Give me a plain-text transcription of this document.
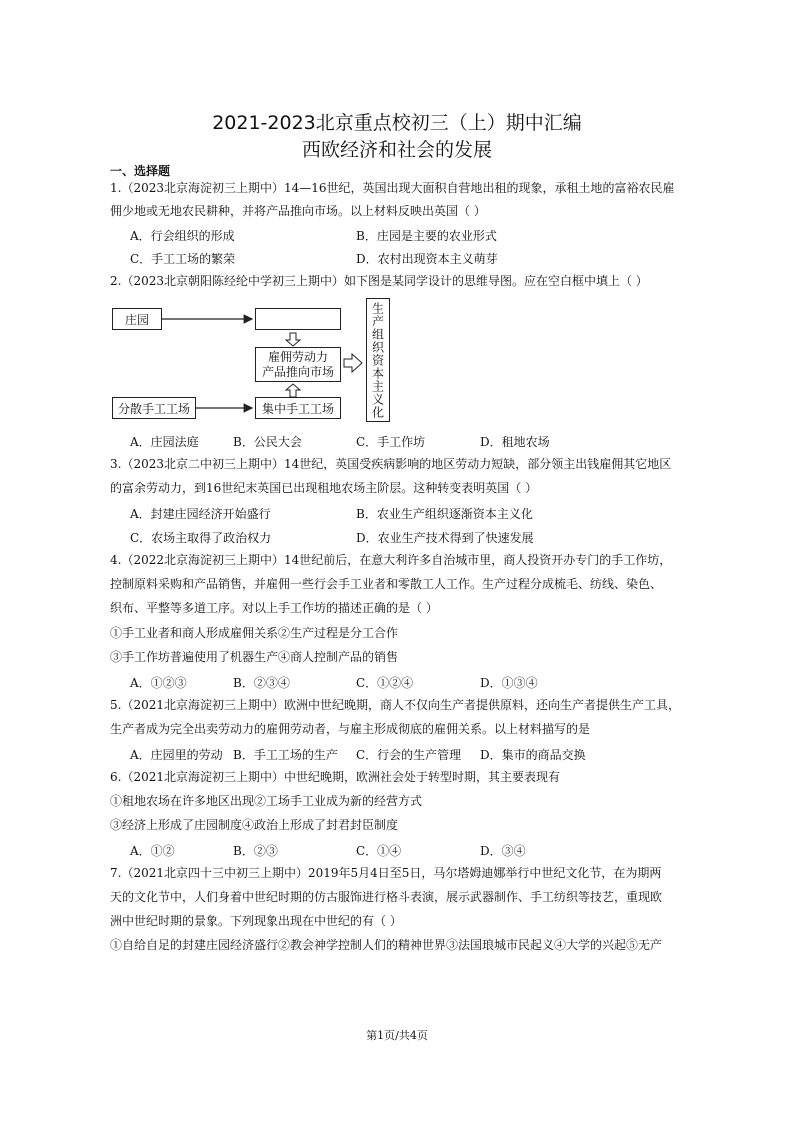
2021-2023北京重点校初三（上）期中汇编
西欧经济和社会的发展
一、选择题
1.（2023北京海淀初三上期中）14—16世纪，英国出现大面积自营地出租的现象，承租土地的富裕农民雇
佣少地或无地农民耕种，并将产品推向市场。以上材料反映出英国（ ）
A．行会组织的形成	B．庄园是主要的农业形式
C．手工工场的繁荣	D．农村出现资本主义萌芽
2.（2023北京朝阳陈经纶中学初三上期中）如下图是某同学设计的思维导图。应在空白框中填上（ ）
庄园
雇佣劳动力
产品推向市场
分散手工工场	集中手工工场	生产组织资本主义化
A．庄园法庭	B．公民大会	C．手工作坊	D．租地农场
3.（2023北京二中初三上期中）14世纪，英国受疾病影响的地区劳动力短缺，部分领主出钱雇佣其它地区
的富余劳动力，到16世纪末英国已出现租地农场主阶层。这种转变表明英国（ ）
A．封建庄园经济开始盛行	B．农业生产组织逐渐资本主义化
C．农场主取得了政治权力	D．农业生产技术得到了快速发展
4.（2022北京海淀初三上期中）14世纪前后，在意大利许多自治城市里，商人投资开办专门的手工作坊，
控制原料采购和产品销售，并雇佣一些行会手工业者和零散工人工作。生产过程分成梳毛、纺线、染色、
织布、平整等多道工序。对以上手工作坊的描述正确的是（ ）
①手工业者和商人形成雇佣关系②生产过程是分工合作
③手工作坊普遍使用了机器生产④商人控制产品的销售
A．①②③	B．②③④	C．①②④	D．①③④
5.（2021北京海淀初三上期中）欧洲中世纪晚期，商人不仅向生产者提供原料，还向生产者提供生产工具，
生产者成为完全出卖劳动力的雇佣劳动者，与雇主形成彻底的雇佣关系。以上材料描写的是
A．庄园里的劳动 B．手工工场的生产 C．行会的生产管理 D．集市的商品交换
6.（2021北京海淀初三上期中）中世纪晚期，欧洲社会处于转型时期，其主要表现有
①租地农场在许多地区出现②工场手工业成为新的经营方式
③经济上形成了庄园制度④政治上形成了封君封臣制度
A．①②	B．②③	C．①④	D．③④
7.（2021北京四十三中初三上期中）2019年5月4日至5日，马尔塔姆迪娜举行中世纪文化节，在为期两
天的文化节中，人们身着中世纪时期的仿古服饰进行格斗表演，展示武器制作、手工纺织等技艺，重现欧
洲中世纪时期的景象。下列现象出现在中世纪的有（ ）
①自给自足的封建庄园经济盛行②教会神学控制人们的精神世界③法国琅城市民起义④大学的兴起⑤无产
第1页/共4页
